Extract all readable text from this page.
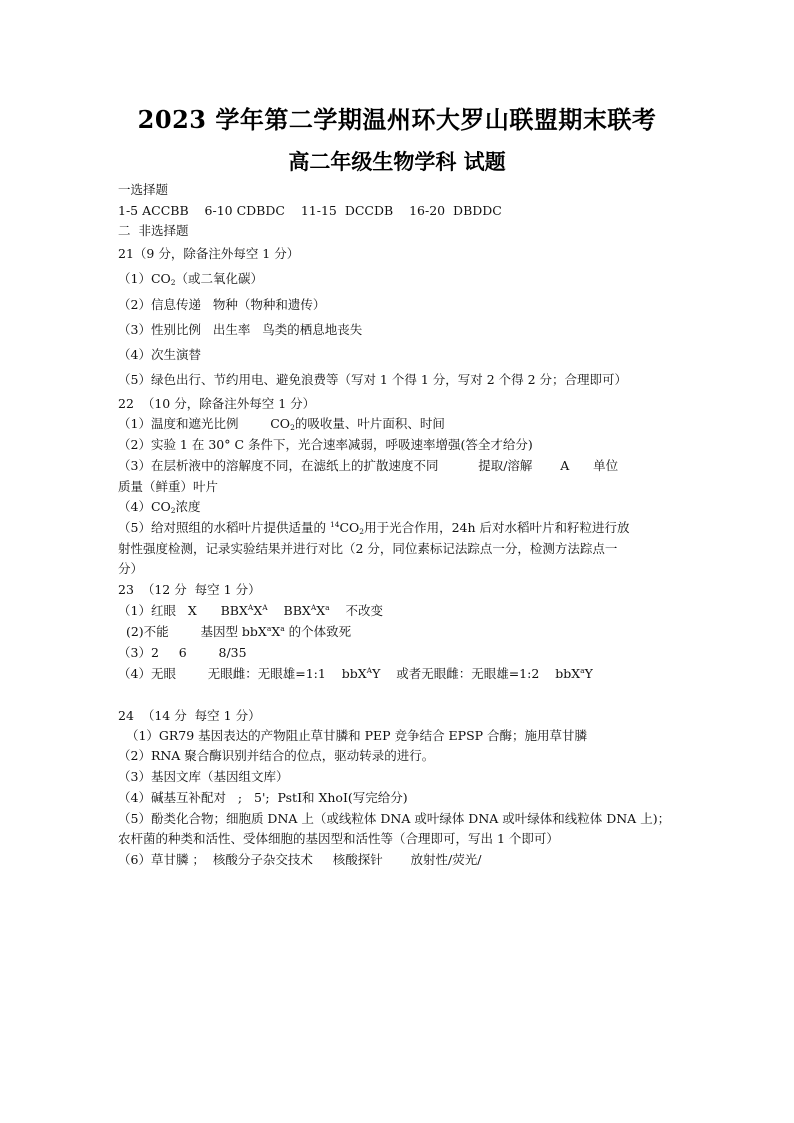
2023 学年第二学期温州环大罗山联盟期末联考
高二年级生物学科 试题
一选择题
1-5 ACCBB    6-10 CDBDC    11-15  DCCDB    16-20  DBDDC
二  非选择题
21（9 分，除备注外每空 1 分）
$(1)CO_2$（或二氧化碳）
（2）信息传递   物种（物种和遗传）
（3）性别比例   出生率   鸟类的栖息地丧失
（4）次生演替
（5）绿色出行、节约用电、避免浪费等（写对 1 个得 1 分，写对 2 个得 2 分；合理即可）
22  （10 分，除备注外每空 1 分）
（1）温度和遮光比例        $CO_2$的吸收量、叶片面积、时间
（2）实验 1 在 30° C 条件下，光合速率减弱，呼吸速率增强(答全才给分)
（3）在层析液中的溶解度不同，在滤纸上的扩散速度不同          提取/溶解       A      单位
质量（鲜重）叶片
$(4)CO_2$浓度
（5）给对照组的水稻叶片提供适量的 $^{14}CO_2$用于光合作用，24h 后对水稻叶片和籽粒进行放
射性强度检测，记录实验结果并进行对比（2 分，同位素标记法踪点一分，检测方法踪点一
分）
23  （12 分  每空 1 分）
（1）红眼   X      $BBX^AX^A$    $BBX^AX^a$    不改变
(2)不能        基因型 $bbX^aX^a$ 的个体致死
（3）2     6        8/35
（4）无眼        无眼雌：无眼雄=1:1    bbX$^A$Y    或者无眼雌：无眼雄=1:2    bbX$^a$Y
24  （14 分  每空 1 分）
（1）GR79 基因表达的产物阻止草甘膦和 PEP 竞争结合 EPSP 合酶；施用草甘膦
（2）RNA 聚合酶识别并结合的位点，驱动转录的进行。
（3）基因文库（基因组文库）
（4）碱基互补配对   ;   5';  PstⅠ和 XhoⅠ(写完给分)
（5）酚类化合物；细胞质 DNA 上（或线粒体 DNA 或叶绿体 DNA 或叶绿体和线粒体 DNA 上)；
农杆菌的种类和活性、受体细胞的基因型和活性等（合理即可，写出 1 个即可）
（6）草甘膦 ；  核酸分子杂交技术     核酸探针       放射性/荧光/
